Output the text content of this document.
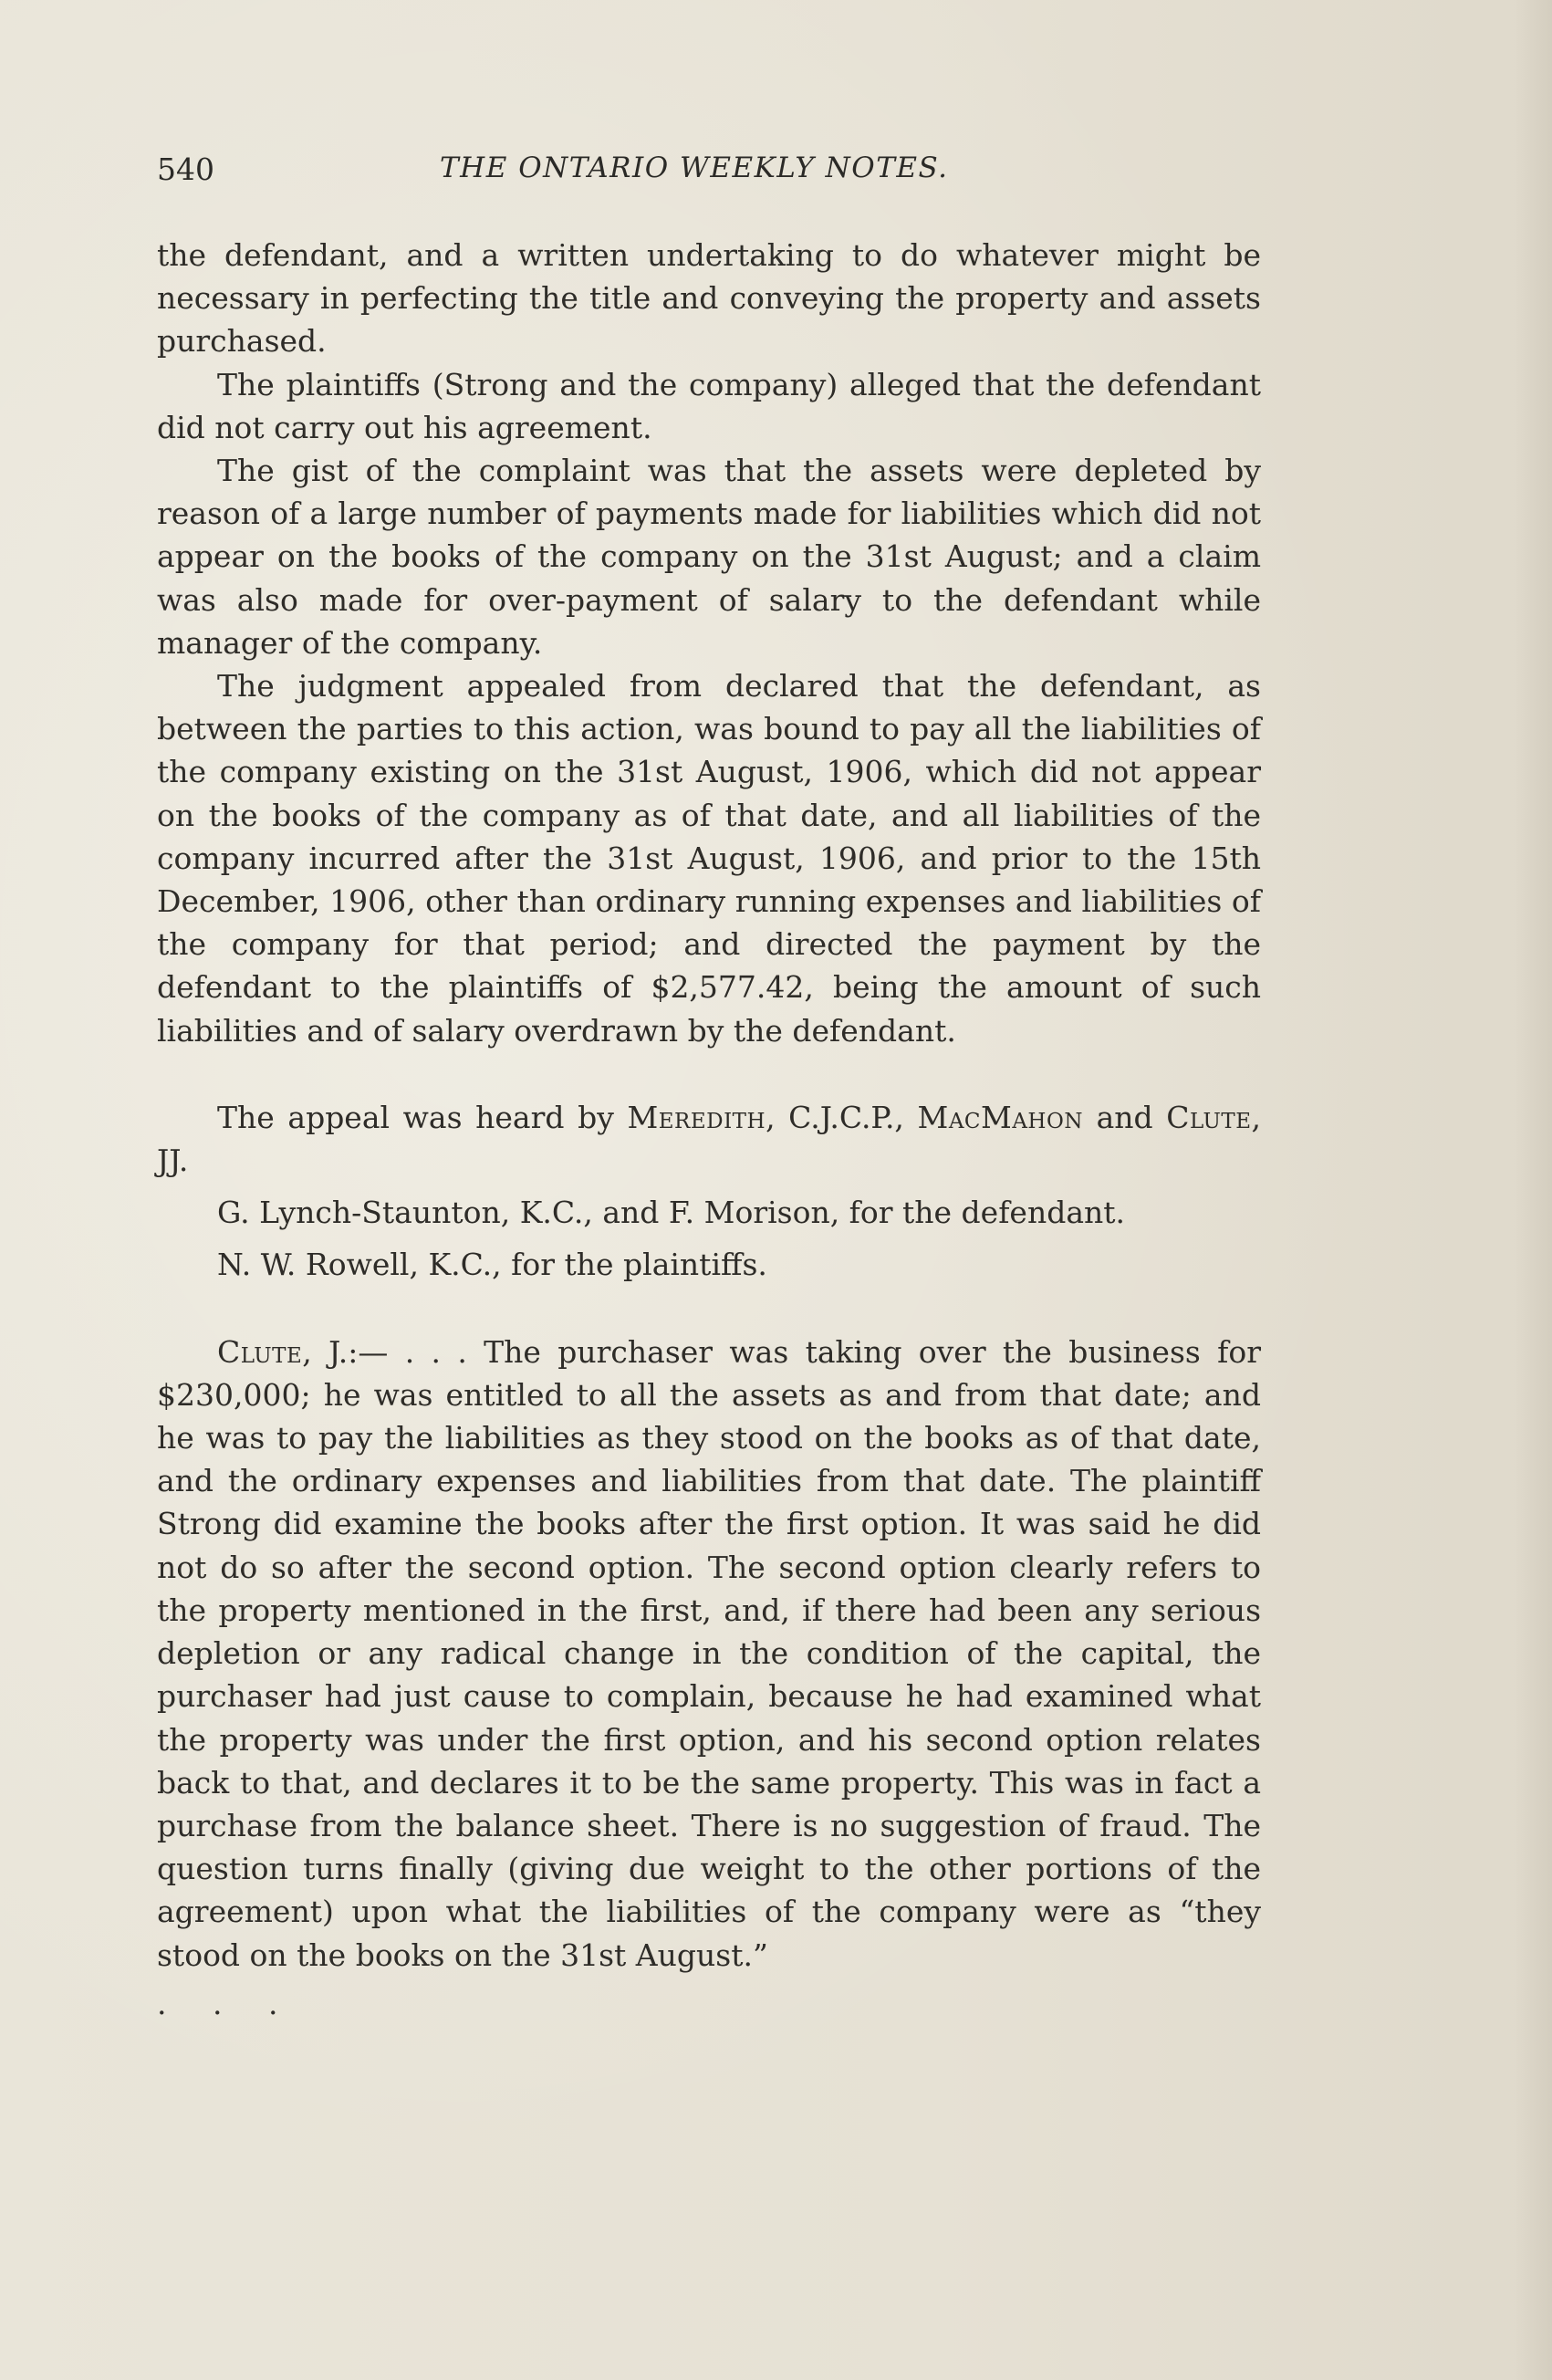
540	THE ONTARIO WEEKLY NOTES.

the defendant, and a written undertaking to do whatever might be necessary in perfecting the title and conveying the property and assets purchased.

The plaintiffs (Strong and the company) alleged that the defendant did not carry out his agreement.

The gist of the complaint was that the assets were depleted by reason of a large number of payments made for liabilities which did not appear on the books of the company on the 31st August; and a claim was also made for over-payment of salary to the defendant while manager of the company.

The judgment appealed from declared that the defendant, as between the parties to this action, was bound to pay all the liabilities of the company existing on the 31st August, 1906, which did not appear on the books of the company as of that date, and all liabilities of the company incurred after the 31st August, 1906, and prior to the 15th December, 1906, other than ordinary running expenses and liabilities of the company for that period; and directed the payment by the defendant to the plaintiffs of $2,577.42, being the amount of such liabilities and of salary overdrawn by the defendant.

The appeal was heard by Meredith, C.J.C.P., MacMahon and Clute, JJ.

G. Lynch-Staunton, K.C., and F. Morison, for the defendant.

N. W. Rowell, K.C., for the plaintiffs.

Clute, J.:— . . . The purchaser was taking over the business for $230,000; he was entitled to all the assets as and from that date; and he was to pay the liabilities as they stood on the books as of that date, and the ordinary expenses and liabilities from that date. The plaintiff Strong did examine the books after the first option. It was said he did not do so after the second option. The second option clearly refers to the property mentioned in the first, and, if there had been any serious depletion or any radical change in the condition of the capital, the purchaser had just cause to complain, because he had examined what the property was under the first option, and his second option relates back to that, and declares it to be the same property. This was in fact a purchase from the balance sheet. There is no suggestion of fraud. The question turns finally (giving due weight to the other portions of the agreement) upon what the liabilities of the company were as “they stood on the books on the 31st August.”

. . .
